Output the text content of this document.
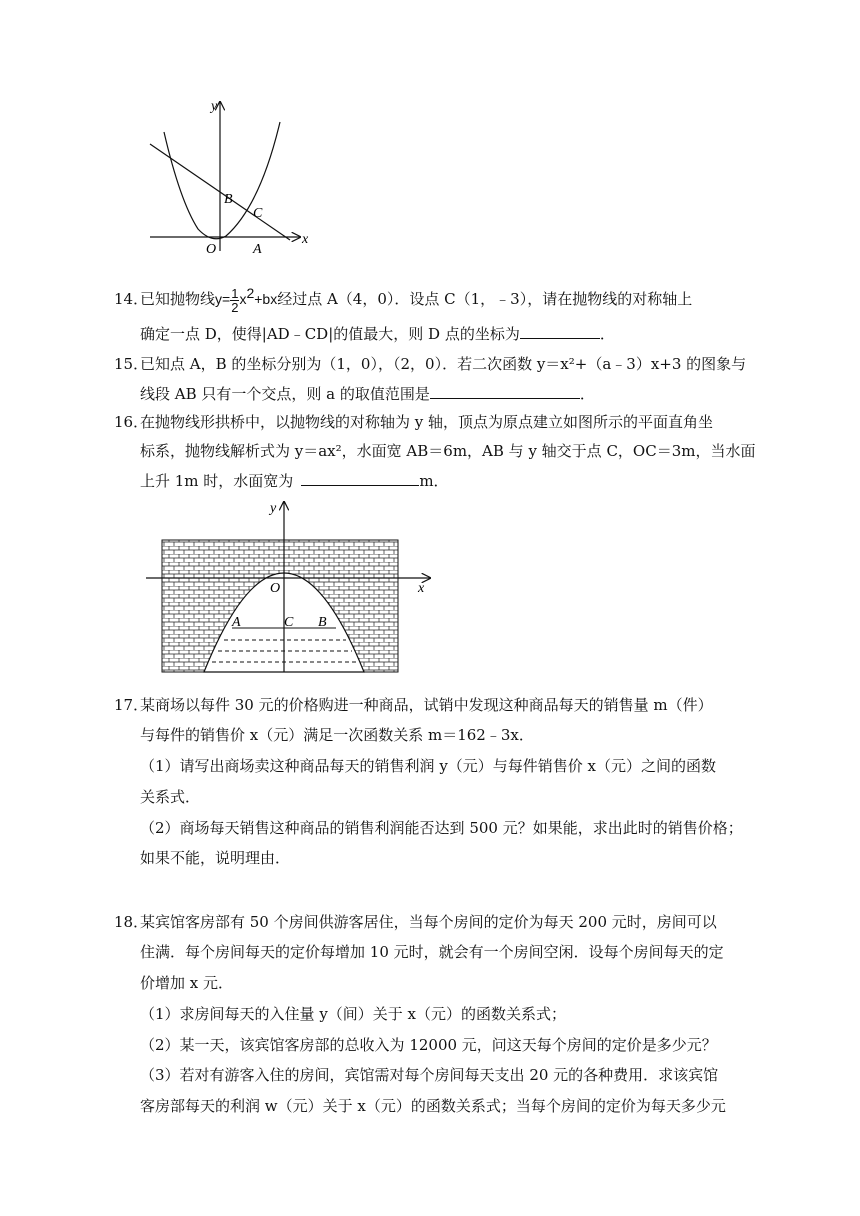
y
x
B
C
O	A
14．已知抛物线$y= \frac{1}{2} x^2+bx$经过点 A（4，0）．设点 C（1，﹣3），请在抛物线的对称轴上
确定一点 D，使得|AD﹣CD|的值最大，则 D 点的坐标为	．
15．已知点 A，B 的坐标分别为（1，0），（2，0）．若二次函数 y＝x²+（a﹣3）x+3 的图象与
线段 AB 只有一个交点，则 a 的取值范围是	．
16．在抛物线形拱桥中，以抛物线的对称轴为 y 轴，顶点为原点建立如图所示的平面直角坐
标系，抛物线解析式为 y＝ax²，水面宽 AB＝6m，AB 与 y 轴交于点 C，OC＝3m，当水面
上升 1m 时，水面宽为	m．
y
x
O
A	C B
17．某商场以每件 30 元的价格购进一种商品，试销中发现这种商品每天的销售量 m（件）
与每件的销售价 x（元）满足一次函数关系 m＝162﹣3x．
（1）请写出商场卖这种商品每天的销售利润 y（元）与每件销售价 x（元）之间的函数
关系式．
（2）商场每天销售这种商品的销售利润能否达到 500 元？如果能，求出此时的销售价格；
如果不能，说明理由．
18．某宾馆客房部有 50 个房间供游客居住，当每个房间的定价为每天 200 元时，房间可以
住满．每个房间每天的定价每增加 10 元时，就会有一个房间空闲．设每个房间每天的定
价增加 x 元．
（1）求房间每天的入住量 y（间）关于 x（元）的函数关系式；
（2）某一天，该宾馆客房部的总收入为 12000 元，问这天每个房间的定价是多少元？
（3）若对有游客入住的房间，宾馆需对每个房间每天支出 20 元的各种费用．求该宾馆
客房部每天的利润 w（元）关于 x（元）的函数关系式；当每个房间的定价为每天多少元
